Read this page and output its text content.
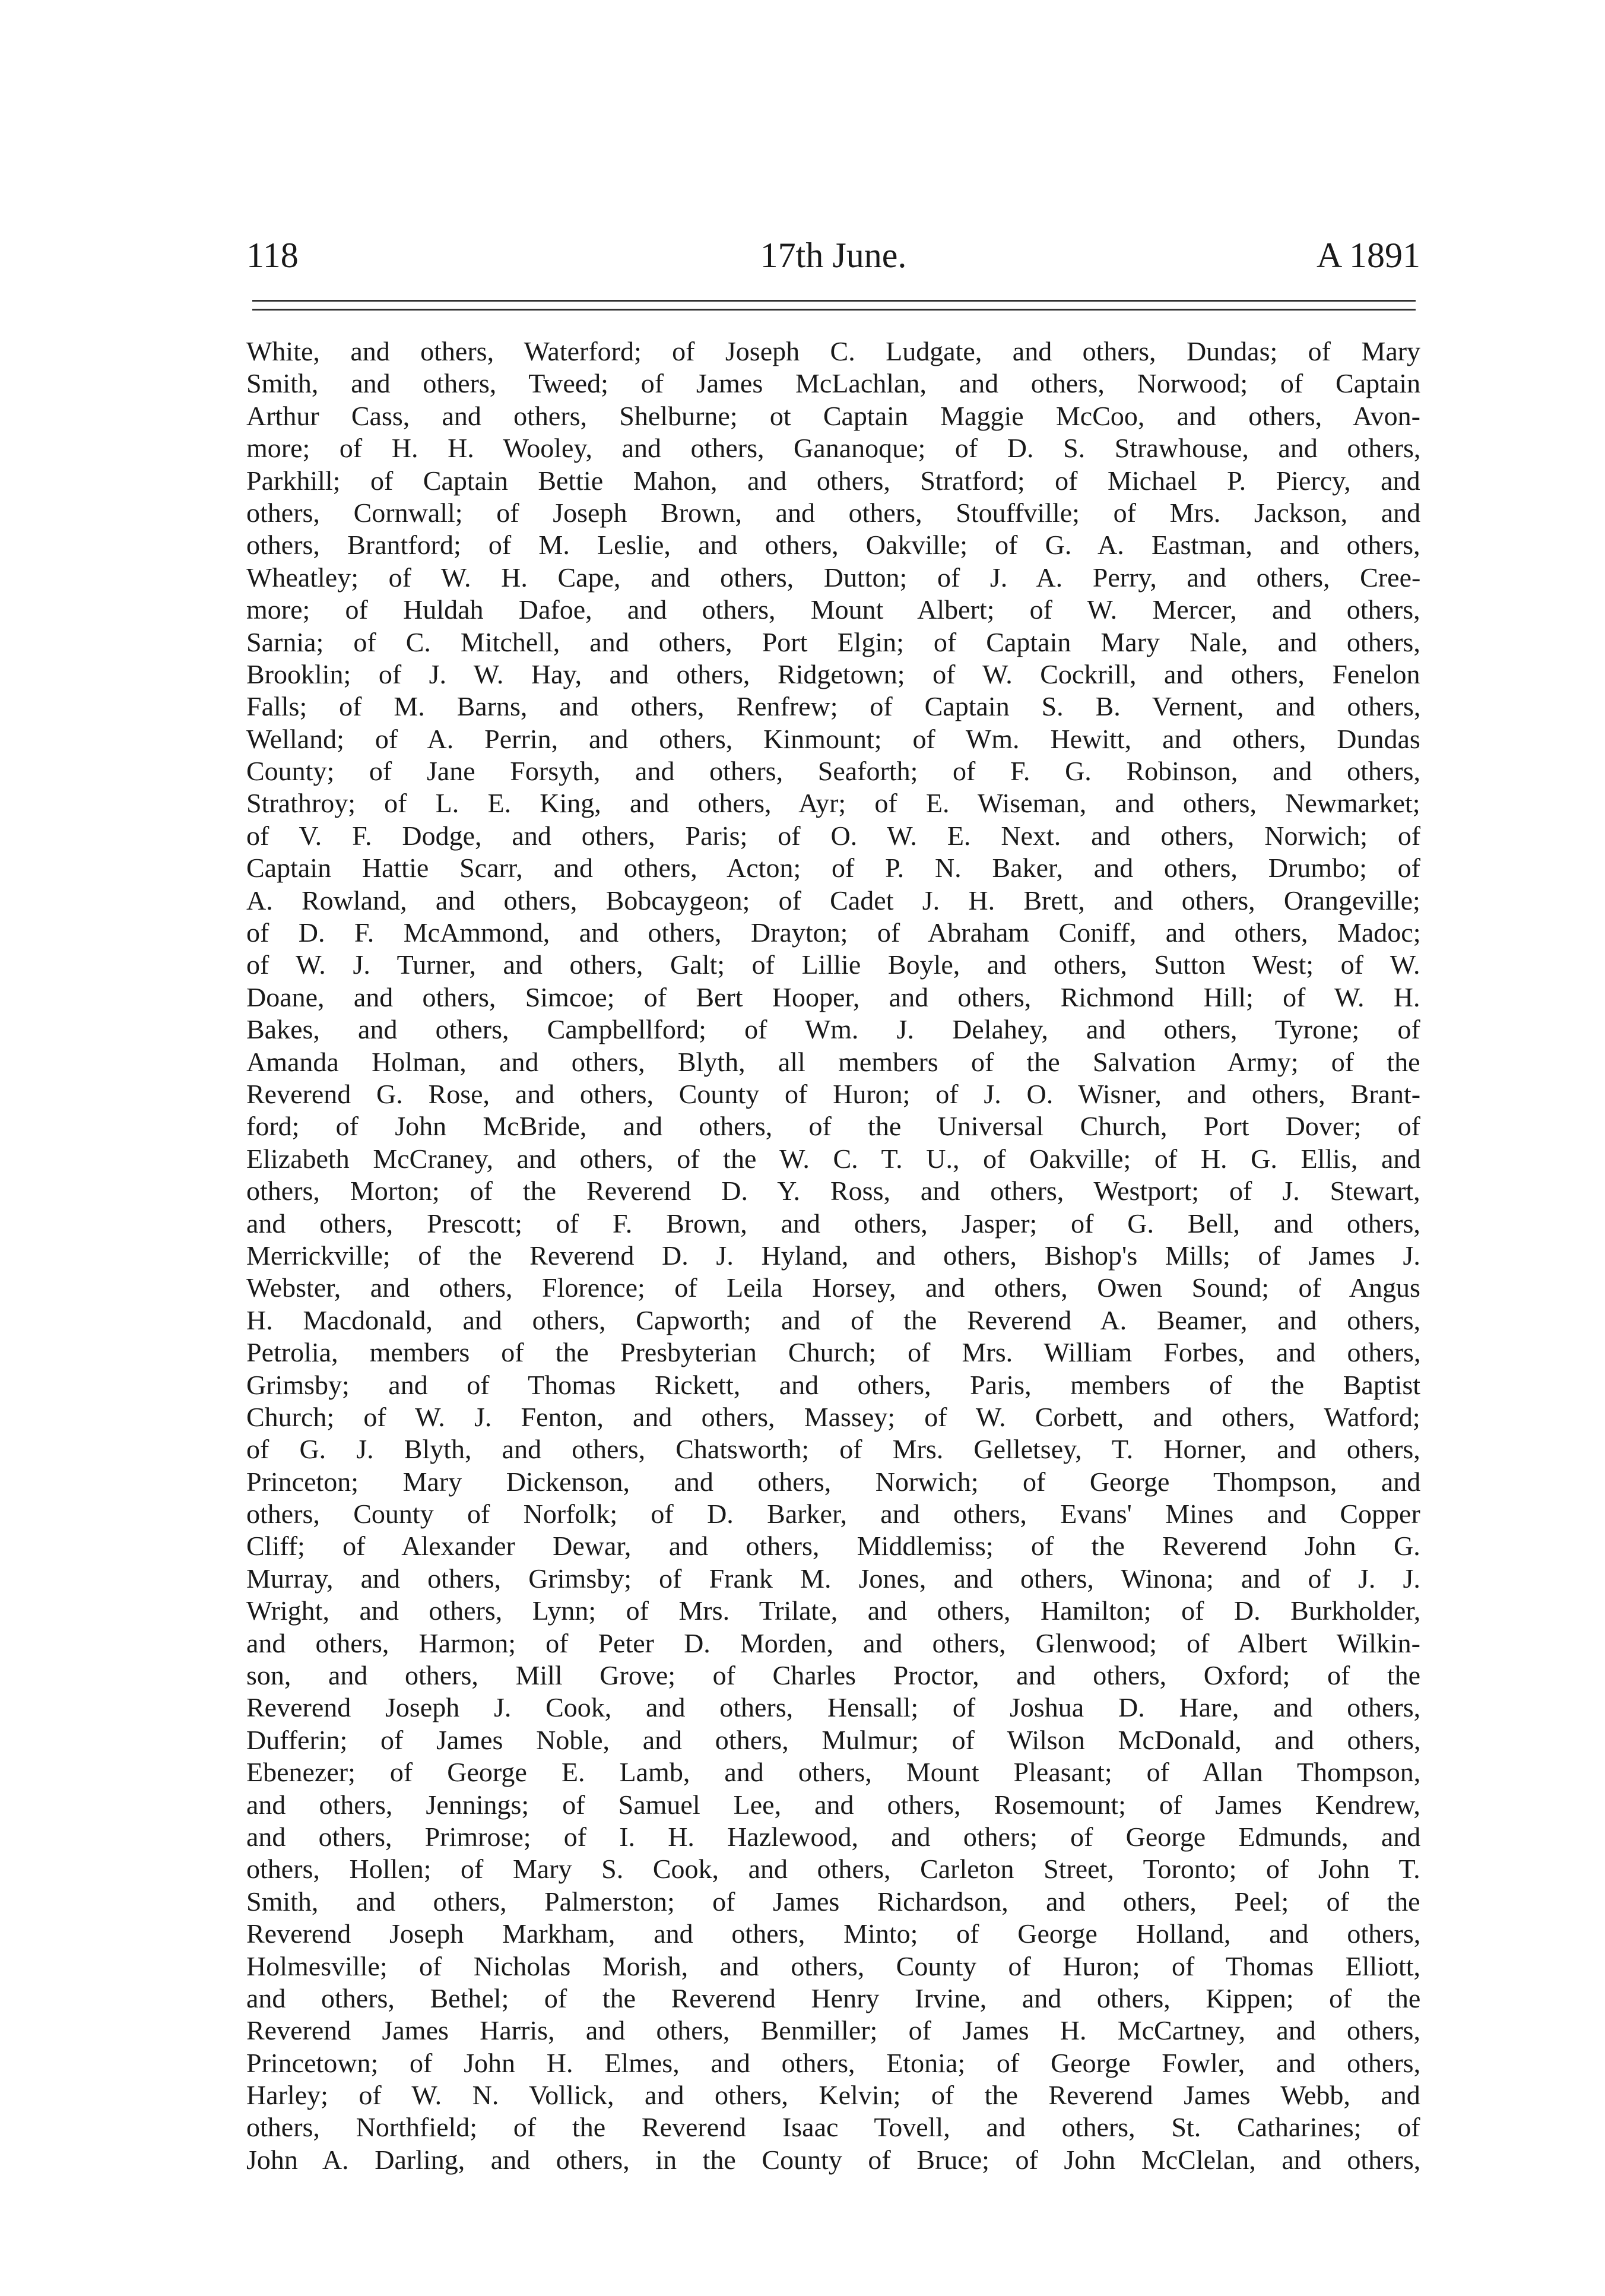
118	17th June.	A 1891
White, and others, Waterford; of Joseph C. Ludgate, and others, Dundas; of Mary
Smith, and others, Tweed; of James McLachlan, and others, Norwood; of Captain
Arthur Cass, and others, Shelburne; ot Captain Maggie McCoo, and others, Avon-
more; of H. H. Wooley, and others, Gananoque; of D. S. Strawhouse, and others,
Parkhill; of Captain Bettie Mahon, and others, Stratford; of Michael P. Piercy, and
others, Cornwall; of Joseph Brown, and others, Stouffville; of Mrs. Jackson, and
others, Brantford; of M. Leslie, and others, Oakville; of G. A. Eastman, and others,
Wheatley; of W. H. Cape, and others, Dutton; of J. A. Perry, and others, Cree-
more; of Huldah Dafoe, and others, Mount Albert; of W. Mercer, and others,
Sarnia; of C. Mitchell, and others, Port Elgin; of Captain Mary Nale, and others,
Brooklin; of J. W. Hay, and others, Ridgetown; of W. Cockrill, and others, Fenelon
Falls; of M. Barns, and others, Renfrew; of Captain S. B. Vernent, and others,
Welland; of A. Perrin, and others, Kinmount; of Wm. Hewitt, and others, Dundas
County; of Jane Forsyth, and others, Seaforth; of F. G. Robinson, and others,
Strathroy; of L. E. King, and others, Ayr; of E. Wiseman, and others, Newmarket;
of V. F. Dodge, and others, Paris; of O. W. E. Next. and others, Norwich; of
Captain Hattie Scarr, and others, Acton; of P. N. Baker, and others, Drumbo; of
A. Rowland, and others, Bobcaygeon; of Cadet J. H. Brett, and others, Orangeville;
of D. F. McAmmond, and others, Drayton; of Abraham Coniff, and others, Madoc;
of W. J. Turner, and others, Galt; of Lillie Boyle, and others, Sutton West; of W.
Doane, and others, Simcoe; of Bert Hooper, and others, Richmond Hill; of W. H.
Bakes, and others, Campbellford; of Wm. J. Delahey, and others, Tyrone; of
Amanda Holman, and others, Blyth, all members of the Salvation Army; of the
Reverend G. Rose, and others, County of Huron; of J. O. Wisner, and others, Brant-
ford; of John McBride, and others, of the Universal Church, Port Dover; of
Elizabeth McCraney, and others, of the W. C. T. U., of Oakville; of H. G. Ellis, and
others, Morton; of the Reverend D. Y. Ross, and others, Westport; of J. Stewart,
and others, Prescott; of F. Brown, and others, Jasper; of G. Bell, and others,
Merrickville; of the Reverend D. J. Hyland, and others, Bishop's Mills; of James J.
Webster, and others, Florence; of Leila Horsey, and others, Owen Sound; of Angus
H. Macdonald, and others, Capworth; and of the Reverend A. Beamer, and others,
Petrolia, members of the Presbyterian Church; of Mrs. William Forbes, and others,
Grimsby; and of Thomas Rickett, and others, Paris, members of the Baptist
Church; of W. J. Fenton, and others, Massey; of W. Corbett, and others, Watford;
of G. J. Blyth, and others, Chatsworth; of Mrs. Gelletsey, T. Horner, and others,
Princeton; Mary Dickenson, and others, Norwich; of George Thompson, and
others, County of Norfolk; of D. Barker, and others, Evans' Mines and Copper
Cliff; of Alexander Dewar, and others, Middlemiss; of the Reverend John G.
Murray, and others, Grimsby; of Frank M. Jones, and others, Winona; and of J. J.
Wright, and others, Lynn; of Mrs. Trilate, and others, Hamilton; of D. Burkholder,
and others, Harmon; of Peter D. Morden, and others, Glenwood; of Albert Wilkin-
son, and others, Mill Grove; of Charles Proctor, and others, Oxford; of the
Reverend Joseph J. Cook, and others, Hensall; of Joshua D. Hare, and others,
Dufferin; of James Noble, and others, Mulmur; of Wilson McDonald, and others,
Ebenezer; of George E. Lamb, and others, Mount Pleasant; of Allan Thompson,
and others, Jennings; of Samuel Lee, and others, Rosemount; of James Kendrew,
and others, Primrose; of I. H. Hazlewood, and others; of George Edmunds, and
others, Hollen; of Mary S. Cook, and others, Carleton Street, Toronto; of John T.
Smith, and others, Palmerston; of James Richardson, and others, Peel; of the
Reverend Joseph Markham, and others, Minto; of George Holland, and others,
Holmesville; of Nicholas Morish, and others, County of Huron; of Thomas Elliott,
and others, Bethel; of the Reverend Henry Irvine, and others, Kippen; of the
Reverend James Harris, and others, Benmiller; of James H. McCartney, and others,
Princetown; of John H. Elmes, and others, Etonia; of George Fowler, and others,
Harley; of W. N. Vollick, and others, Kelvin; of the Reverend James Webb, and
others, Northfield; of the Reverend Isaac Tovell, and others, St. Catharines; of
John A. Darling, and others, in the County of Bruce; of John McClelan, and others,
